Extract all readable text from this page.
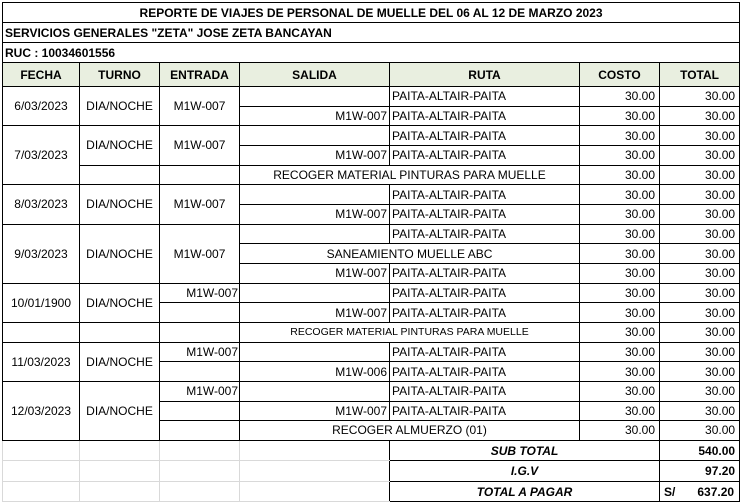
REPORTE DE VIAJES DE PERSONAL DE MUELLE DEL 06 AL 12 DE MARZO 2023						
SERVICIOS GENERALES "ZETA" JOSE ZETA BANCAYAN						
RUC : 10034601556						
FECHA	TURNO	ENTRADA	SALIDA	RUTA	COSTO	TOTAL
6/03/2023	DIA/NOCHE	M1W-007		PAITA-ALTAIR-PAITA	30.00	30.00
			M1W-007	PAITA-ALTAIR-PAITA	30.00	30.00
7/03/2023	DIA/NOCHE	M1W-007		PAITA-ALTAIR-PAITA	30.00	30.00
			M1W-007	PAITA-ALTAIR-PAITA	30.00	30.00
			RECOGER MATERIAL PINTURAS PARA MUELLE		30.00	30.00
8/03/2023	DIA/NOCHE	M1W-007		PAITA-ALTAIR-PAITA	30.00	30.00
			M1W-007	PAITA-ALTAIR-PAITA	30.00	30.00
9/03/2023	DIA/NOCHE	M1W-007		PAITA-ALTAIR-PAITA	30.00	30.00
			SANEAMIENTO MUELLE ABC		30.00	30.00
			M1W-007	PAITA-ALTAIR-PAITA	30.00	30.00
10/01/1900	DIA/NOCHE	M1W-007		PAITA-ALTAIR-PAITA	30.00	30.00
			M1W-007	PAITA-ALTAIR-PAITA	30.00	30.00
			RECOGER MATERIAL PINTURAS PARA MUELLE		30.00	30.00
11/03/2023	DIA/NOCHE	M1W-007		PAITA-ALTAIR-PAITA	30.00	30.00
			M1W-006	PAITA-ALTAIR-PAITA	30.00	30.00
12/03/2023	DIA/NOCHE	M1W-007		PAITA-ALTAIR-PAITA	30.00	30.00
			M1W-007	PAITA-ALTAIR-PAITA	30.00	30.00
			RECOGER ALMUERZO (01)		30.00	30.00
				SUB TOTAL		540.00
				I.G.V		97.20
				TOTAL A PAGAR		S/ 637.20
